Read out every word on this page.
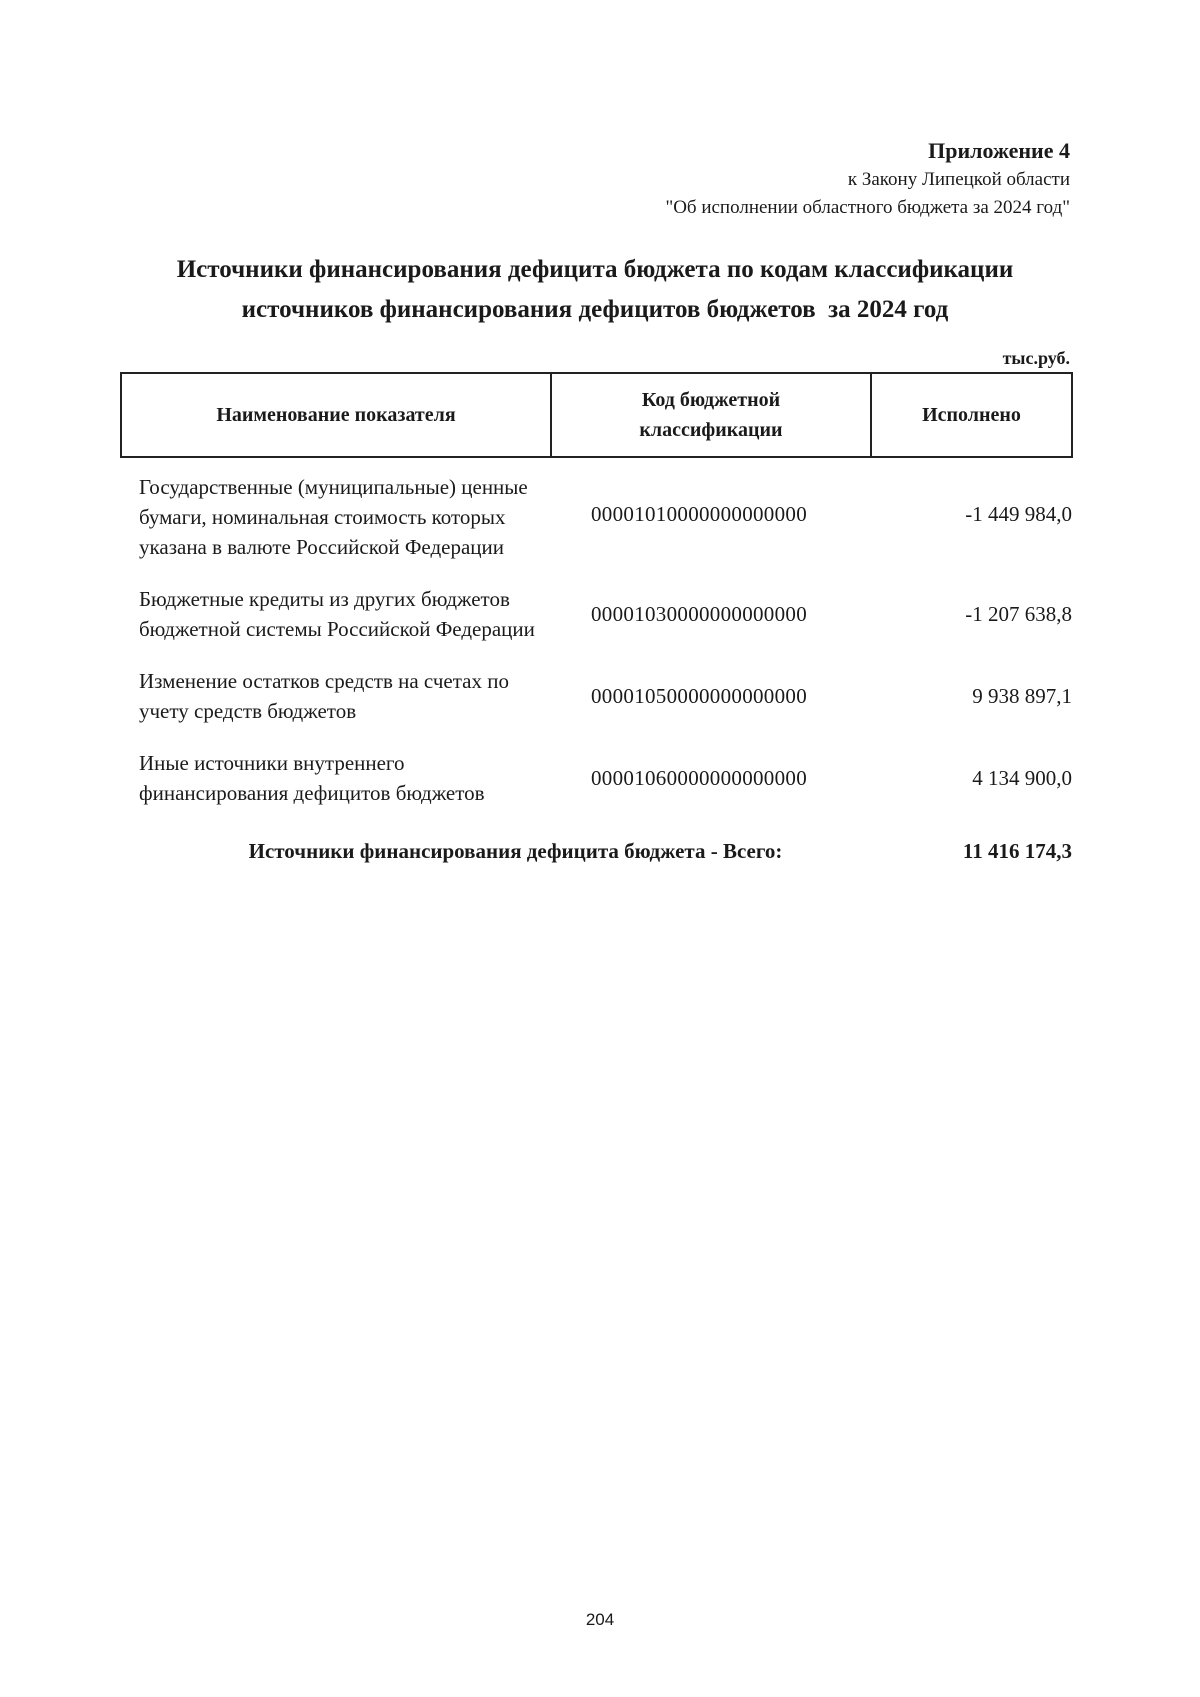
Приложение 4
к Закону Липецкой области
"Об исполнении областного бюджета за 2024 год"
Источники финансирования дефицита бюджета по кодам классификации
источников финансирования дефицитов бюджетов  за 2024 год
тыс.руб.
Наименование показателя	Код бюджетной классификации	Исполнено
Государственные (муниципальные) ценные бумаги, номинальная стоимость которых указана в валюте Российской Федерации	00001010000000000000	-1 449 984,0
Бюджетные кредиты из других бюджетов бюджетной системы Российской Федерации	00001030000000000000	-1 207 638,8
Изменение остатков средств на счетах по учету средств бюджетов	00001050000000000000	9 938 897,1
Иные источники внутреннего финансирования дефицитов бюджетов	00001060000000000000	4 134 900,0
Источники финансирования дефицита бюджета - Всего:		11 416 174,3
204
